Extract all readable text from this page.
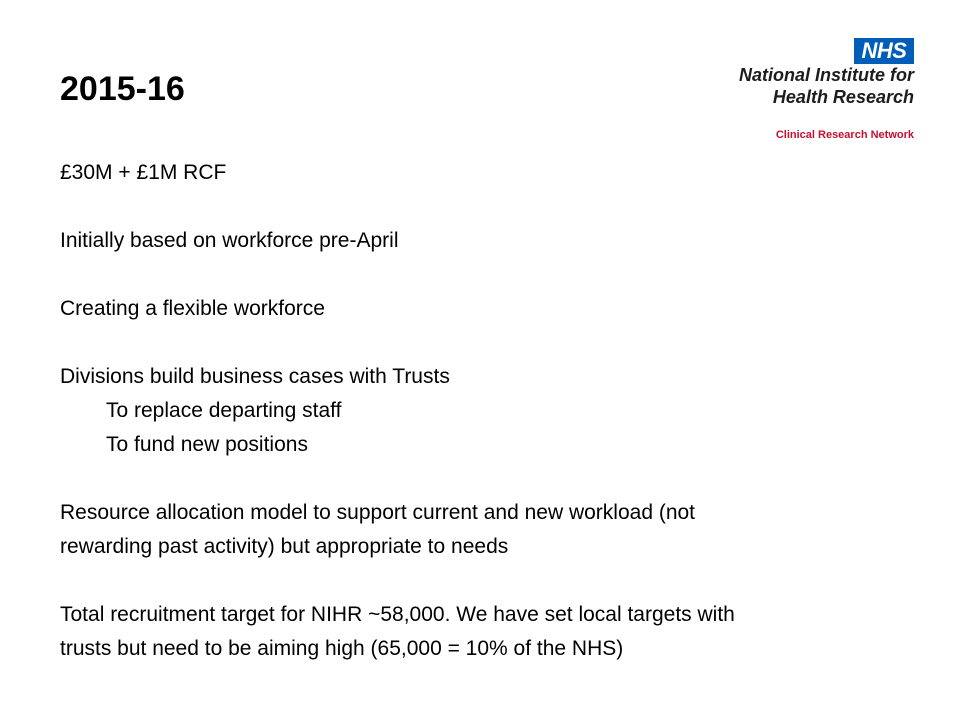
2015-16
NHS
National Institute for
Health Research
Clinical Research Network

£30M + £1M RCF

Initially based on workforce pre-April

Creating a flexible workforce

Divisions build business cases with Trusts

To replace departing staff

To fund new positions

Resource allocation model to support current and new workload (not

rewarding past activity) but appropriate to needs

Total recruitment target for NIHR ~58,000. We have set local targets with

trusts but need to be aiming high (65,000 = 10% of the NHS)
